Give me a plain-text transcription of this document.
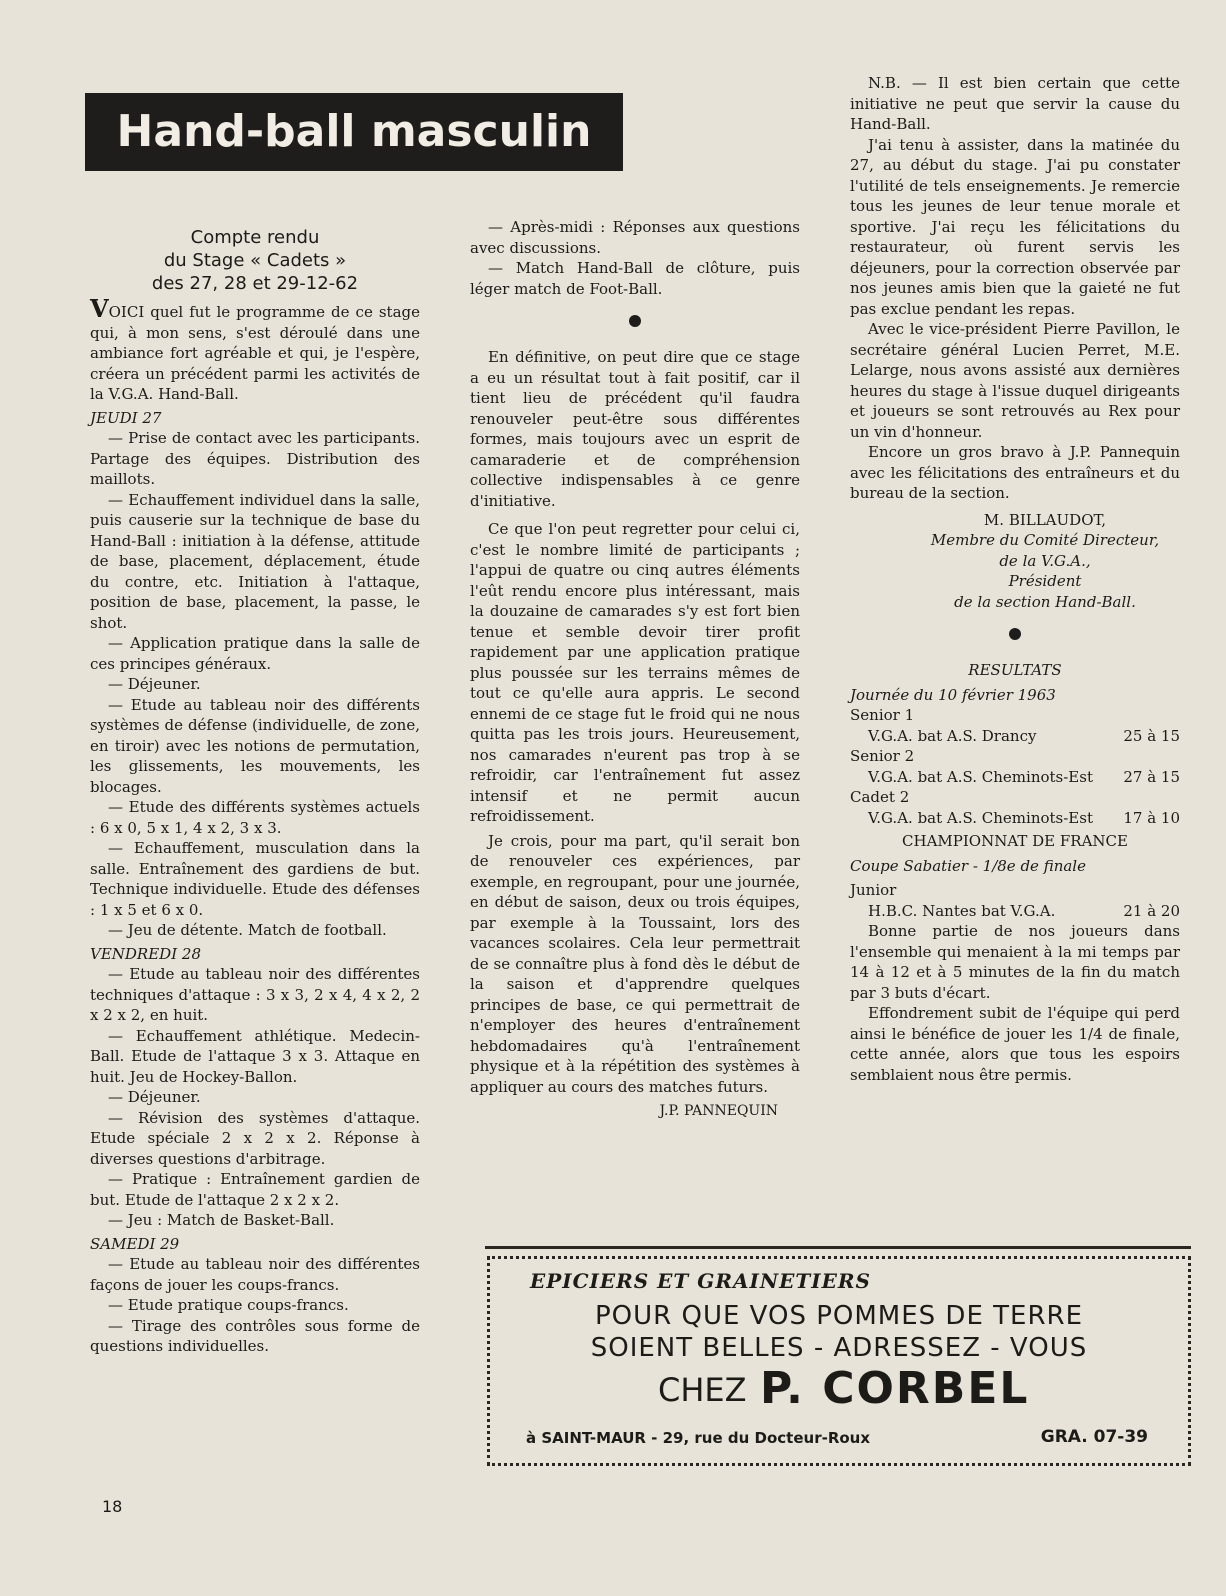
Hand-ball masculin
Compte rendu
du Stage « Cadets »
des 27, 28 et 29-12-62

VOICI quel fut le programme de ce stage qui, à mon sens, s'est déroulé dans une ambiance fort agréable et qui, je l'espère, créera un précédent parmi les activités de la V.G.A. Hand-Ball.

JEUDI 27

— Prise de contact avec les participants. Partage des équipes. Distribution des maillots.

— Echauffement individuel dans la salle, puis causerie sur la technique de base du Hand-Ball : initiation à la défense, attitude de base, placement, déplacement, étude du contre, etc. Initiation à l'attaque, position de base, placement, la passe, le shot.

— Application pratique dans la salle de ces principes généraux.

— Déjeuner.

— Etude au tableau noir des différents systèmes de défense (individuelle, de zone, en tiroir) avec les notions de permutation, les glissements, les mouvements, les blocages.

— Etude des différents systèmes actuels : 6 x 0, 5 x 1, 4 x 2, 3 x 3.

— Echauffement, musculation dans la salle. Entraînement des gardiens de but. Technique individuelle. Etude des défenses : 1 x 5 et 6 x 0.

— Jeu de détente. Match de football.

VENDREDI 28

— Etude au tableau noir des différentes techniques d'attaque : 3 x 3, 2 x 4, 4 x 2, 2 x 2 x 2, en huit.

— Echauffement athlétique. Medecin-Ball. Etude de l'attaque 3 x 3. Attaque en huit. Jeu de Hockey-Ballon.

— Déjeuner.

— Révision des systèmes d'attaque. Etude spéciale 2 x 2 x 2. Réponse à diverses questions d'arbitrage.

— Pratique : Entraînement gardien de but. Etude de l'attaque 2 x 2 x 2.

— Jeu : Match de Basket-Ball.

SAMEDI 29

— Etude au tableau noir des différentes façons de jouer les coups-francs.

— Etude pratique coups-francs.

— Tirage des contrôles sous forme de questions individuelles.

— Après-midi : Réponses aux questions avec discussions.

— Match Hand-Ball de clôture, puis léger match de Foot-Ball.

En définitive, on peut dire que ce stage a eu un résultat tout à fait positif, car il tient lieu de précédent qu'il faudra renouveler peut-être sous différentes formes, mais toujours avec un esprit de camaraderie et de compréhension collective indispensables à ce genre d'initiative.

Ce que l'on peut regretter pour celui ci, c'est le nombre limité de participants ; l'appui de quatre ou cinq autres éléments l'eût rendu encore plus intéressant, mais la douzaine de camarades s'y est fort bien tenue et semble devoir tirer profit rapidement par une application pratique plus poussée sur les terrains mêmes de tout ce qu'elle aura appris. Le second ennemi de ce stage fut le froid qui ne nous quitta pas les trois jours. Heureusement, nos camarades n'eurent pas trop à se refroidir, car l'entraînement fut assez intensif et ne permit aucun refroidissement.

Je crois, pour ma part, qu'il serait bon de renouveler ces expériences, par exemple, en regroupant, pour une journée, en début de saison, deux ou trois équipes, par exemple à la Toussaint, lors des vacances scolaires. Cela leur permettrait de se connaître plus à fond dès le début de la saison et d'apprendre quelques principes de base, ce qui permettrait de n'employer des heures d'entraînement hebdomadaires qu'à l'entraînement physique et à la répétition des systèmes à appliquer au cours des matches futurs.

J.P. PANNEQUIN

N.B. — Il est bien certain que cette initiative ne peut que servir la cause du Hand-Ball.

J'ai tenu à assister, dans la matinée du 27, au début du stage. J'ai pu constater l'utilité de tels enseignements. Je remercie tous les jeunes de leur tenue morale et sportive. J'ai reçu les félicitations du restaurateur, où furent servis les déjeuners, pour la correction observée par nos jeunes amis bien que la gaieté ne fut pas exclue pendant les repas.

Avec le vice-président Pierre Pavillon, le secrétaire général Lucien Perret, M.E. Lelarge, nous avons assisté aux dernières heures du stage à l'issue duquel dirigeants et joueurs se sont retrouvés au Rex pour un vin d'honneur.

Encore un gros bravo à J.P. Pannequin avec les félicitations des entraîneurs et du bureau de la section.

M. BILLAUDOT,

Membre du Comité Directeur,

de la V.G.A.,

Président

de la section Hand-Ball.

RESULTATS

Journée du 10 février 1963

Senior 1

V.G.A. bat A.S. Drancy	25 à 15

Senior 2

V.G.A. bat A.S. Cheminots-Est 27 à 15

Cadet 2

V.G.A. bat A.S. Cheminots-Est 17 à 10

CHAMPIONNAT DE FRANCE

Coupe Sabatier - 1/8e de finale

Junior

H.B.C. Nantes bat V.G.A.	21 à 20

Bonne partie de nos joueurs dans l'ensemble qui menaient à la mi temps par 14 à 12 et à 5 minutes de la fin du match par 3 buts d'écart.

Effondrement subit de l'équipe qui perd ainsi le bénéfice de jouer les 1/4 de finale, cette année, alors que tous les espoirs semblaient nous être permis.

EPICIERS ET GRAINETIERS
POUR QUE VOS POMMES DE TERRE
SOIENT BELLES - ADRESSEZ - VOUS
CHEZ P. CORBEL
à SAINT-MAUR - 29, rue du Docteur-Roux	GRA. 07-39
18
